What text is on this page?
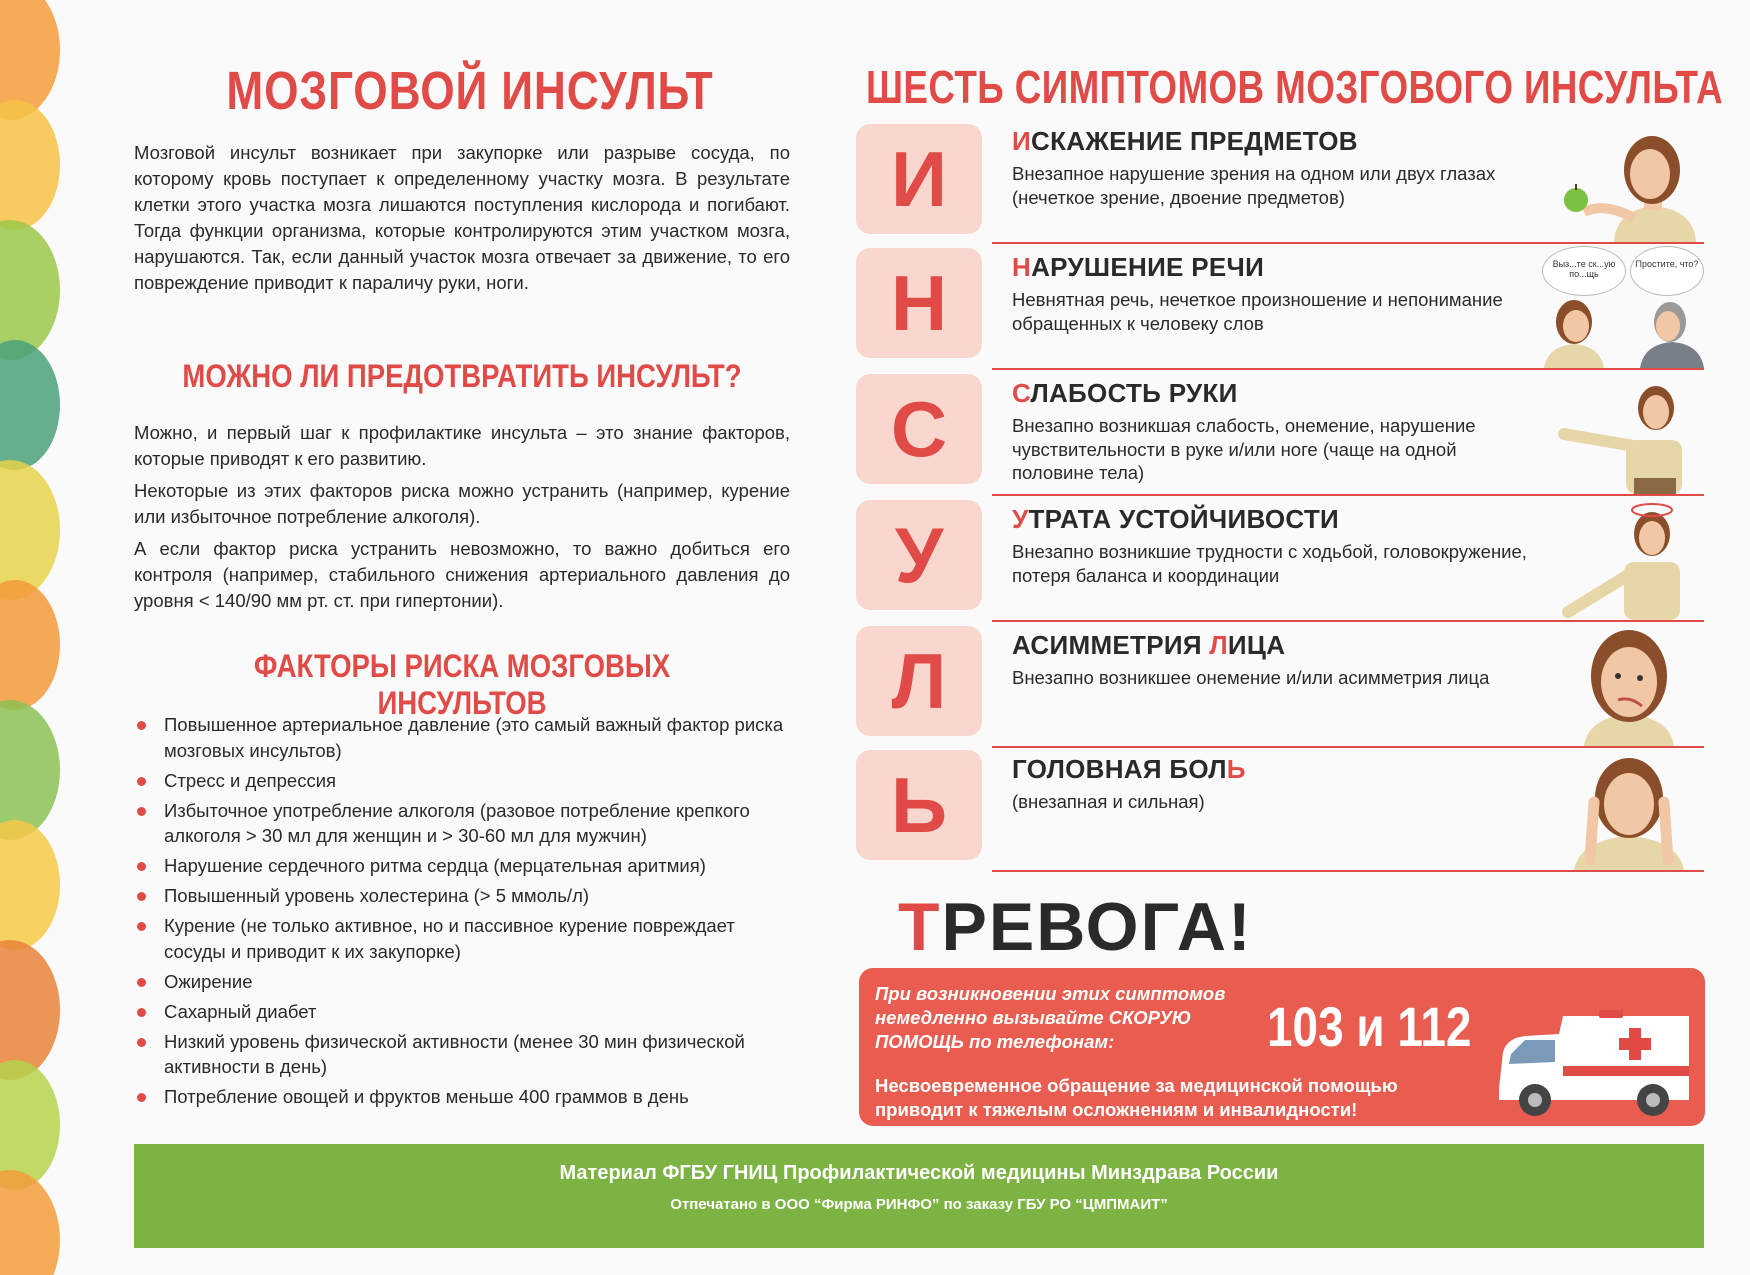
МОЗГОВОЙ ИНСУЛЬТ
Мозговой инсульт возникает при закупорке или разрыве сосуда, по которому кровь поступает к определенному участку мозга. В результате клетки этого участка мозга лишаются поступления кислорода и погибают. Тогда функции организма, которые контролируются этим участком мозга, нарушаются. Так, если данный участок мозга отвечает за движение, то его повреждение приводит к параличу руки, ноги.
МОЖНО ЛИ ПРЕДОТВРАТИТЬ ИНСУЛЬТ?
Можно, и первый шаг к профилактике инсульта – это знание факторов, которые приводят к его развитию.
Некоторые из этих факторов риска можно устранить (например, курение или избыточное потребление алкоголя).
А если фактор риска устранить невозможно, то важно добиться его контроля (например, стабильного снижения артериального давления до уровня < 140/90 мм рт. ст. при гипертонии).
ФАКТОРЫ РИСКА МОЗГОВЫХ ИНСУЛЬТОВ
Повышенное артериальное давление (это самый важный фактор риска мозговых инсультов)
Стресс и депрессия
Избыточное употребление алкоголя (разовое потребление крепкого алкоголя > 30 мл для женщин и > 30-60 мл для мужчин)
Нарушение сердечного ритма сердца (мерцательная аритмия)
Повышенный уровень холестерина (> 5 ммоль/л)
Курение (не только активное, но и пассивное курение повреждает сосуды и приводит к их закупорке)
Ожирение
Сахарный диабет
Низкий уровень физической активности (менее 30 мин физической активности в день)
Потребление овощей и фруктов меньше 400 граммов в день
ШЕСТЬ СИМПТОМОВ МОЗГОВОГО ИНСУЛЬТА
И
Н
С
У
Л
Ь
ИСКАЖЕНИЕ ПРЕДМЕТОВ
Внезапное нарушение зрения на одном или двух глазах (нечеткое зрение, двоение предметов)
НАРУШЕНИЕ РЕЧИ
Невнятная речь, нечеткое произношение и непонимание обращенных к человеку слов
Выз...те ск...ую по...щь
Простите, что?
СЛАБОСТЬ РУКИ
Внезапно возникшая слабость, онемение, нарушение чувствительности в руке и/или ноге (чаще на одной половине тела)
УТРАТА УСТОЙЧИВОСТИ
Внезапно возникшие трудности с ходьбой, головокружение, потеря баланса и координации
АСИММЕТРИЯ ЛИЦА
Внезапно возникшее онемение и/или асимметрия лица
ГОЛОВНАЯ БОЛЬ
(внезапная и сильная)
ТРЕВОГА!
При возникновении этих симптомов немедленно вызывайте СКОРУЮ ПОМОЩЬ по телефонам:	103 и 112
Несвоевременное обращение за медицинской помощью приводит к тяжелым осложнениям и инвалидности!
Материал ФГБУ ГНИЦ Профилактической медицины Минздрава России
Отпечатано в ООО “Фирма РИНФО” по заказу ГБУ РО “ЦМПМАИТ”
